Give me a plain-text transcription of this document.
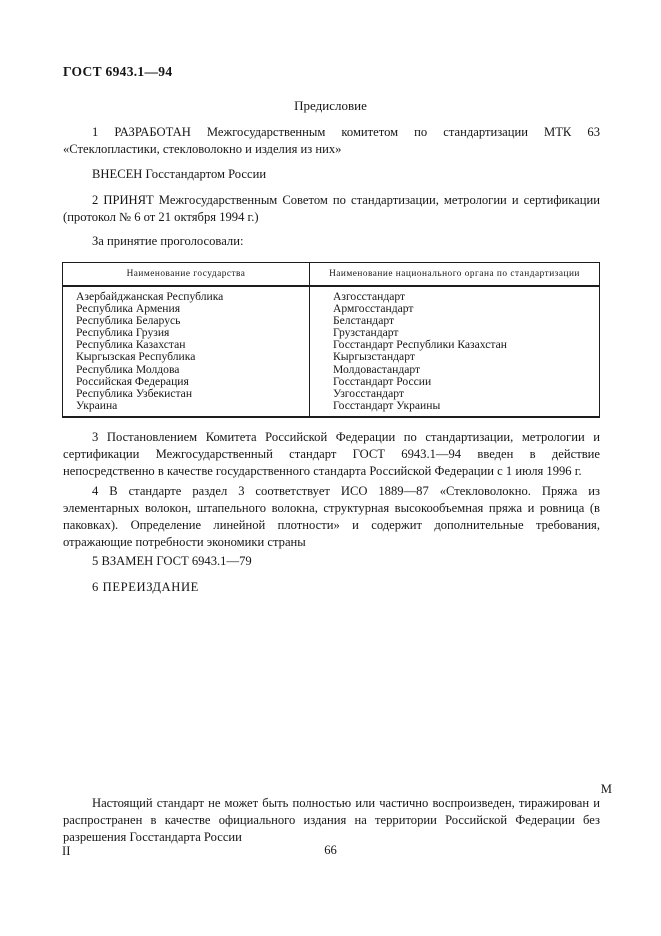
ГОСТ 6943.1—94
Предисловие

1 РАЗРАБОТАН Межгосударственным комитетом по стандартизации МТК 63 «Стеклопластики, стекловолокно и изделия из них»

ВНЕСЕН Госстандартом России

2 ПРИНЯТ Межгосударственным Советом по стандартизации, метрологии и сертификации (протокол № 6 от 21 октября 1994 г.)

За принятие проголосовали:

Наименование государства	Наименование национального органа по стандартизации
Азербайджанская Республика	Азгосстандарт
Республика Армения	Армгосстандарт
Республика Беларусь	Белстандарт
Республика Грузия	Грузстандарт
Республика Казахстан	Госстандарт Республики Казахстан
Кыргызская Республика	Кыргызстандарт
Республика Молдова	Молдовастандарт
Российская Федерация	Госстандарт России
Республика Узбекистан	Узгосстандарт
Украина	Госстандарт Украины

3 Постановлением Комитета Российской Федерации по стандартизации, метрологии и сертификации Межгосударственный стандарт ГОСТ 6943.1—94 введен в действие непосредственно в качестве государственного стандарта Российской Федерации с 1 июля 1996 г.

4 В стандарте раздел 3 соответствует ИСО 1889—87 «Стекловолокно. Пряжа из элементарных волокон, штапельного волокна, структурная высокообъемная пряжа и ровница (в паковках). Определение линейной плотности» и содержит дополнительные требования, отражающие потребности экономики страны

5 ВЗАМЕН ГОСТ 6943.1—79

6 ПЕРЕИЗДАНИЕ

М

Настоящий стандарт не может быть полностью или частично воспроизведен, тиражирован и распространен в качестве официального издания на территории Российской Федерации без разрешения Госстандарта России

II	66
